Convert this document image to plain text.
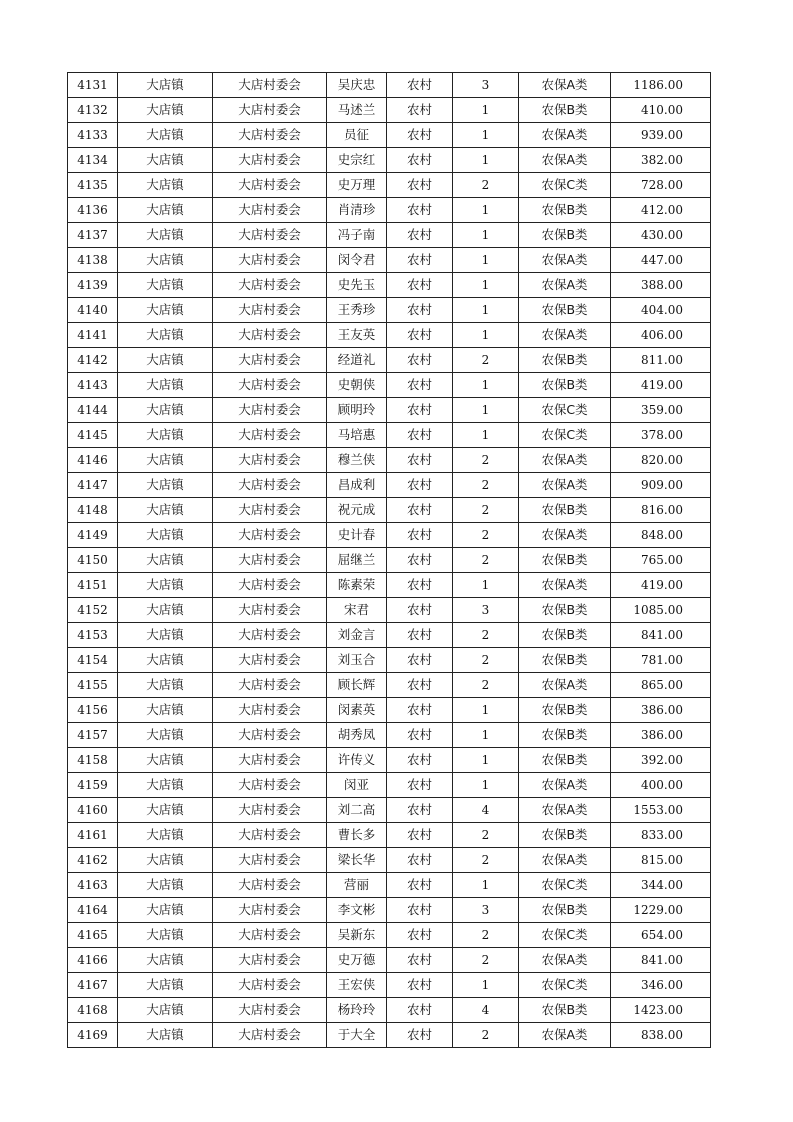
4131	大店镇	大店村委会	吴庆忠	农村	3	农保A类	1186.00
4132	大店镇	大店村委会	马述兰	农村	1	农保B类	410.00
4133	大店镇	大店村委会	员征	农村	1	农保A类	939.00
4134	大店镇	大店村委会	史宗红	农村	1	农保A类	382.00
4135	大店镇	大店村委会	史万理	农村	2	农保C类	728.00
4136	大店镇	大店村委会	肖清珍	农村	1	农保B类	412.00
4137	大店镇	大店村委会	冯子南	农村	1	农保B类	430.00
4138	大店镇	大店村委会	闵令君	农村	1	农保A类	447.00
4139	大店镇	大店村委会	史先玉	农村	1	农保A类	388.00
4140	大店镇	大店村委会	王秀珍	农村	1	农保B类	404.00
4141	大店镇	大店村委会	王友英	农村	1	农保A类	406.00
4142	大店镇	大店村委会	经道礼	农村	2	农保B类	811.00
4143	大店镇	大店村委会	史朝侠	农村	1	农保B类	419.00
4144	大店镇	大店村委会	顾明玲	农村	1	农保C类	359.00
4145	大店镇	大店村委会	马培惠	农村	1	农保C类	378.00
4146	大店镇	大店村委会	穆兰侠	农村	2	农保A类	820.00
4147	大店镇	大店村委会	昌成利	农村	2	农保A类	909.00
4148	大店镇	大店村委会	祝元成	农村	2	农保B类	816.00
4149	大店镇	大店村委会	史计春	农村	2	农保A类	848.00
4150	大店镇	大店村委会	屈继兰	农村	2	农保B类	765.00
4151	大店镇	大店村委会	陈素荣	农村	1	农保A类	419.00
4152	大店镇	大店村委会	宋君	农村	3	农保B类	1085.00
4153	大店镇	大店村委会	刘金言	农村	2	农保B类	841.00
4154	大店镇	大店村委会	刘玉合	农村	2	农保B类	781.00
4155	大店镇	大店村委会	顾长辉	农村	2	农保A类	865.00
4156	大店镇	大店村委会	闵素英	农村	1	农保B类	386.00
4157	大店镇	大店村委会	胡秀凤	农村	1	农保B类	386.00
4158	大店镇	大店村委会	许传义	农村	1	农保B类	392.00
4159	大店镇	大店村委会	闵亚	农村	1	农保A类	400.00
4160	大店镇	大店村委会	刘二高	农村	4	农保A类	1553.00
4161	大店镇	大店村委会	曹长多	农村	2	农保B类	833.00
4162	大店镇	大店村委会	梁长华	农村	2	农保A类	815.00
4163	大店镇	大店村委会	营丽	农村	1	农保C类	344.00
4164	大店镇	大店村委会	李文彬	农村	3	农保B类	1229.00
4165	大店镇	大店村委会	吴新东	农村	2	农保C类	654.00
4166	大店镇	大店村委会	史万德	农村	2	农保A类	841.00
4167	大店镇	大店村委会	王宏侠	农村	1	农保C类	346.00
4168	大店镇	大店村委会	杨玲玲	农村	4	农保B类	1423.00
4169	大店镇	大店村委会	于大全	农村	2	农保A类	838.00
